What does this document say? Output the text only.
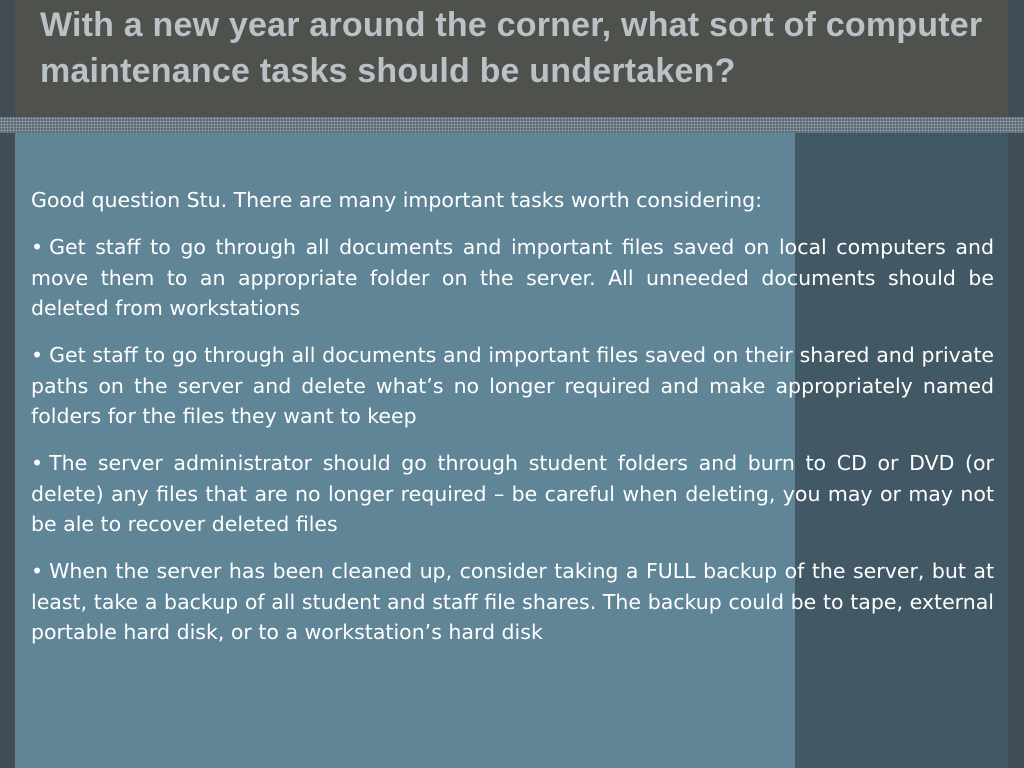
With a new year around the corner, what sort of computer maintenance tasks should be undertaken?

Good question Stu. There are many important tasks worth considering:

• Get staff to go through all documents and important files saved on local computers and move them to an appropriate folder on the server. All unneeded documents should be deleted from workstations

• Get staff to go through all documents and important files saved on their shared and private paths on the server and delete what’s no longer required and make appropriately named folders for the files they want to keep

• The server administrator should go through student folders and burn to CD or DVD (or delete) any files that are no longer required – be careful when deleting, you may or may not be ale to recover deleted files

• When the server has been cleaned up, consider taking a FULL backup of the server, but at least, take a backup of all student and staff file shares. The backup could be to tape, external portable hard disk, or to a workstation’s hard disk
